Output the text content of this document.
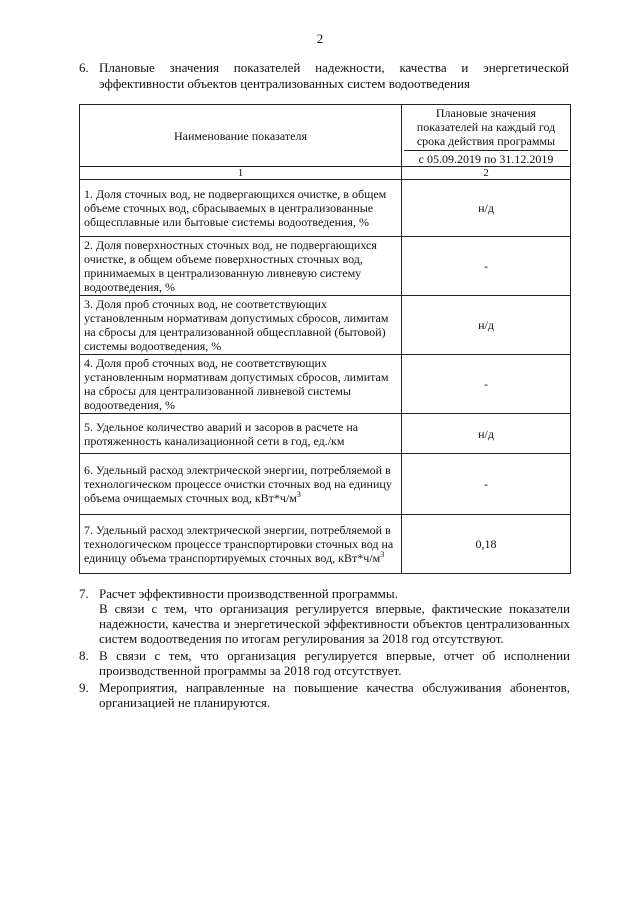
2
6. Плановые значения показателей надежности, качества и энергетической
эффективности объектов централизованных систем водоотведения
Наименование показателя	Плановые значения показателей на каждый год срока действия программы
с 05.09.2019 по 31.12.2019

1	2
1. Доля сточных вод, не подвергающихся очистке, в общем объеме сточных вод, сбрасываемых в централизованные общесплавные или бытовые системы водоотведения, %	н/д
2. Доля поверхностных сточных вод, не подвергающихся очистке, в общем объеме поверхностных сточных вод, принимаемых в централизованную ливневую систему водоотведения, %	-
3. Доля проб сточных вод, не соответствующих установленным нормативам допустимых сбросов, лимитам на сбросы для централизованной общесплавной (бытовой) системы водоотведения, %	н/д
4. Доля проб сточных вод, не соответствующих установленным нормативам допустимых сбросов, лимитам на сбросы для централизованной ливневой системы водоотведения, %	-
5. Удельное количество аварий и засоров в расчете на протяженность канализационной сети в год, ед./км	н/д
6. Удельный расход электрической энергии, потребляемой в технологическом процессе очистки сточных вод на единицу объема очищаемых сточных вод, $кВт*ч/м^3$	-
7. Удельный расход электрической энергии, потребляемой в технологическом процессе транспортировки сточных вод на единицу объема транспортируемых сточных вод, $кВт*ч/м^3$	0,18
7. Расчет эффективности производственной программы.
В связи с тем, что организация регулируется впервые, фактические показатели надежности, качества и энергетической эффективности объектов централизованных систем водоотведения по итогам регулирования за 2018 год отсутствуют.
8. В связи с тем, что организация регулируется впервые, отчет об исполнении производственной программы за 2018 год отсутствует.
9. Мероприятия, направленные на повышение качества обслуживания абонентов, организацией не планируются.
